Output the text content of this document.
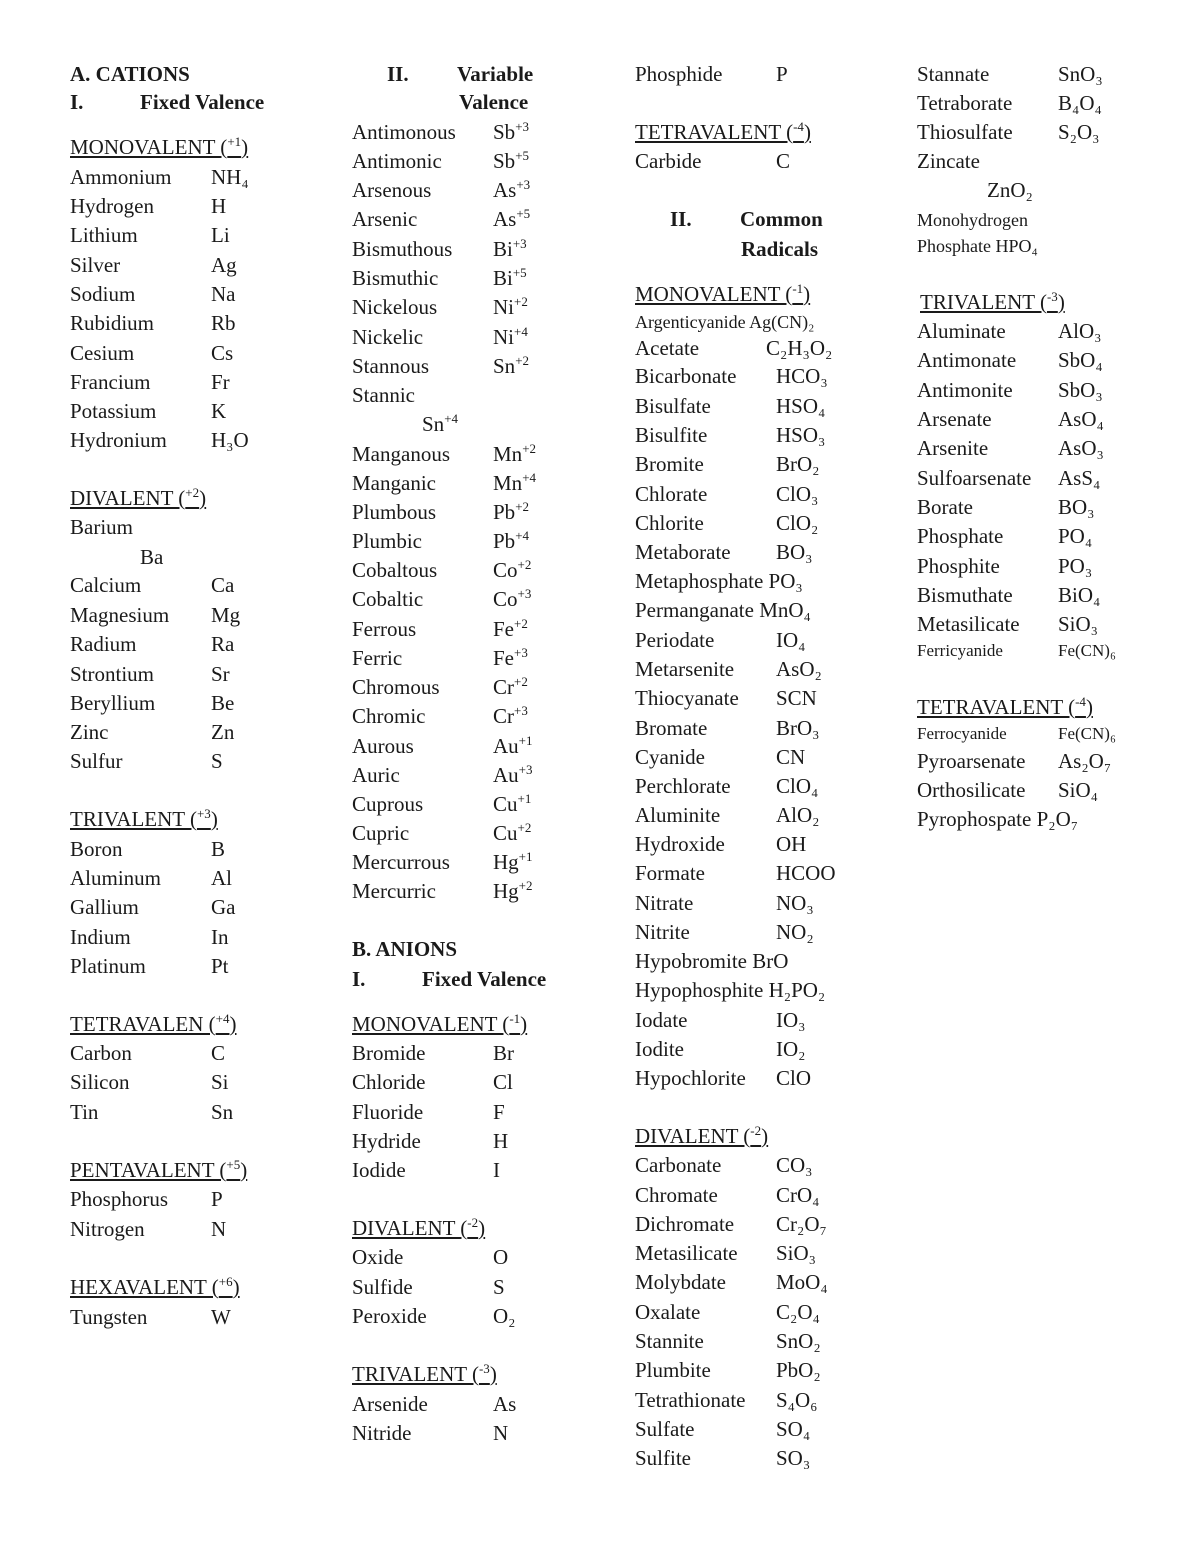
A. CATIONS
I.	Fixed Valence
MONOVALENT ($^{+1}$)
Ammonium NH₄
Hydrogen	H
Lithium	Li
Silver	Ag
Sodium	Na
Rubidium	Rb
Cesium	Cs
Francium	Fr
Potassium	K
Hydronium H₃O
DIVALENT ($^{+2}$)
Barium
Ba
Calcium	Ca
Magnesium Mg
Radium	Ra
Strontium	Sr
Beryllium	Be
Zinc	Zn
Sulfur	S
TRIVALENT ($^{+3}$)
Boron	B
Aluminum Al
Gallium	Ga
Indium	In
Platinum	Pt
TETRAVALEN ($^{+4}$)
Carbon	C
Silicon	Si
Tin	Sn
PENTAVALENT ($^{+5}$)
Phosphorus P
Nitrogen	N
HEXAVALENT ($^{+6}$)
Tungsten	W
II. Variable
Valence
Antimonous $Sb^{+3}$
Antimonic $Sb^{+5}$
Arsenous	$As^{+3}$
Arsenic	$As^{+5}$
Bismuthous $Bi^{+3}$
Bismuthic	$Bi^{+5}$
Nickelous	$Ni^{+2}$
Nickelic	$Ni^{+4}$
Stannous	$Sn^{+2}$
Stannic
$Sn^{+4}$
Manganous $Mn^{+2}$
Manganic	$Mn^{+4}$
Plumbous	$Pb^{+2}$
Plumbic	$Pb^{+4}$
Cobaltous	$Co^{+2}$
Cobaltic	$Co^{+3}$
Ferrous	$Fe^{+2}$
Ferric	$Fe^{+3}$
Chromous	$Cr^{+2}$
Chromic	$Cr^{+3}$
Aurous	$Au^{+1}$
Auric	$Au^{+3}$
Cuprous	$Cu^{+1}$
Cupric	$Cu^{+2}$
Mercurrous $Hg^{+1}$
Mercurric	$Hg^{+2}$
B. ANIONS
I.	Fixed Valence
MONOVALENT ($^{-1}$)
Bromide	Br
Chloride	Cl
Fluoride	F
Hydride	H
Iodide	I
DIVALENT ($^{-2}$)
Oxide	O
Sulfide	S
Peroxide	O₂
TRIVALENT ($^{-3}$)
Arsenide	As
Nitride	N
Phosphide	P
TETRAVALENT ($^{-4}$)
Carbide	C
II. Common
Radicals
MONOVALENT ($^{-1}$)
Argenticyanide Ag(CN)₂
Acetate	C₂H₃O₂
Bicarbonate HCO₃
Bisulfate	HSO₄
Bisulfite	HSO₃
Bromite	BrO₂
Chlorate	ClO₃
Chlorite	ClO₂
Metaborate BO₃
Metaphosphate PO₃
Permanganate MnO₄
Periodate	IO₄
Metarsenite AsO₂
Thiocyanate SCN
Bromate	BrO₃
Cyanide	CN
Perchlorate ClO₄
Aluminite	AlO₂
Hydroxide OH
Formate	HCOO
Nitrate	NO₃
Nitrite	NO₂
Hypobromite BrO
Hypophosphite H₂PO₂
Iodate	IO₃
Iodite	IO₂
Hypochlorite ClO
DIVALENT ($^{-2}$)
Carbonate	CO₃
Chromate	CrO₄
Dichromate Cr₂O₇
Metasilicate SiO₃
Molybdate MoO₄
Oxalate	C₂O₄
Stannite	SnO₂
Plumbite	PbO₂
Tetrathionate S₄O₆
Sulfate	SO₄
Sulfite	SO₃
Stannate	SnO₃
Tetraborate B₄O₄
Thiosulfate S₂O₃
Zincate
ZnO₂
Monohydrogen
Phosphate HPO₄
TRIVALENT ($^{-3}$)
Aluminate AlO₃
Antimonate SbO₄
Antimonite SbO₃
Arsenate	AsO₄
Arsenite	AsO₃
Sulfoarsenate AsS₄
Borate	BO₃
Phosphate	PO₄
Phosphite	PO₃
Bismuthate BiO₄
Metasilicate SiO₃
Ferricyanide	Fe(CN)₆
TETRAVALENT ($^{-4}$)
Ferrocyanide	Fe(CN)₆
Pyroarsenate As₂O₇
Orthosilicate SiO₄
Pyrophospate P₂O₇
